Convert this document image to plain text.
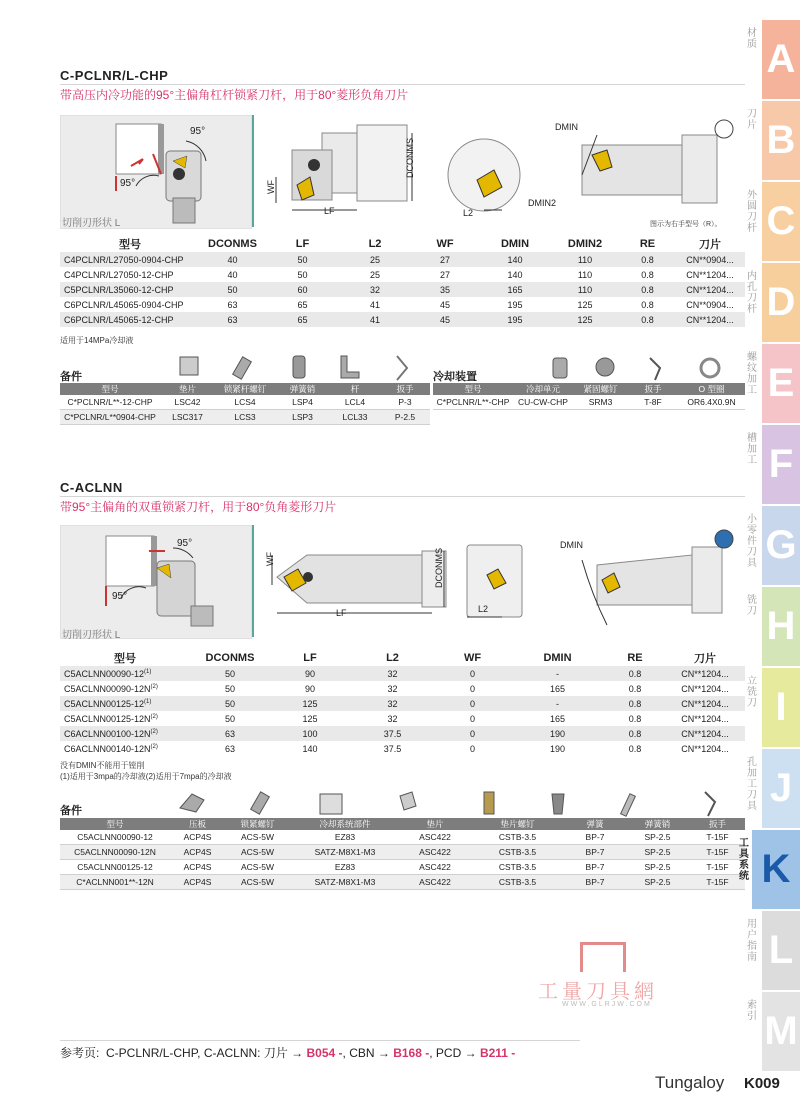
C-PCLNR/L-CHP
带高压内冷功能的95°主偏角杠杆锁紧刀杆，用于80°菱形负角刀片
95°
95°
切削刃形状 L
DCONMS
WF
LF	L2
DMIN
DMIN2
图示为右手型号（R）。
型号	DCONMS	LF	L2	WF	DMIN	DMIN2	RE	刀片
C4PCLNR/L27050-0904-CHP	40	50	25	27	140	110	0.8	CN**0904...
C4PCLNR/L27050-12-CHP	40	50	25	27	140	110	0.8	CN**1204...
C5PCLNR/L35060-12-CHP	50	60	32	35	165	110	0.8	CN**1204...
C6PCLNR/L45065-0904-CHP	63	65	41	45	195	125	0.8	CN**0904...
C6PCLNR/L45065-12-CHP	63	65	41	45	195	125	0.8	CN**1204...
适用于14MPa冷却液
备件
型号	垫片	锁紧杆螺钉	弹簧销	杆	扳手
C*PCLNR/L**-12-CHP	LSC42	LCS4	LSP4	LCL4	P-3
C*PCLNR/L**0904-CHP	LSC317	LCS3	LSP3	LCL33	P-2.5
冷却装置
型号	冷却单元	紧固螺钉	扳手	O 型圈
C*PCLNR/L**-CHP	CU-CW-CHP	SRM3	T-8F	OR6.4X0.9N
C-ACLNN
带95°主偏角的双重锁紧刀杆，用于80°负角菱形刀片
95°
95°
切削刃形状 L
DCONMS
WF
LF	L2
DMIN
型号	DCONMS	LF	L2	WF	DMIN	RE	刀片
C5ACLNN00090-12$^{(1)}$	50	90	32	0	-	0.8	CN**1204...
$C5ACLNN00090-12N^{(2)}$	50	90	32	0	165	0.8	CN**1204...
C5ACLNN00125-12$^{(1)}$	50	125	32	0	-	0.8	CN**1204...
$C5ACLNN00125-12N^{(2)}$	50	125	32	0	165	0.8	CN**1204...
$C6ACLNN00100-12N^{(2)}$	63	100	37.5	0	190	0.8	CN**1204...
$C6ACLNN00140-12N^{(2)}$	63	140	37.5	0	190	0.8	CN**1204...
没有DMIN不能用于镗削
(1)适用于3mpa的冷却液(2)适用于7mpa的冷却液
备件
型号	压板	锁紧螺钉	冷却系统部件	垫片	垫片螺钉	弹簧	弹簧销	扳手
C5ACLNN00090-12	ACP4S	ACS-5W	EZ83	ASC422	CSTB-3.5	BP-7	SP-2.5	T-15F
C5ACLNN00090-12N	ACP4S	ACS-5W	SATZ-M8X1-M3	ASC422	CSTB-3.5	BP-7	SP-2.5	T-15F
C5ACLNN00125-12	ACP4S	ACS-5W	EZ83	ASC422	CSTB-3.5	BP-7	SP-2.5	T-15F
C*ACLNN001**-12N	ACP4S	ACS-5W	SATZ-M8X1-M3	ASC422	CSTB-3.5	BP-7	SP-2.5	T-15F
工量刀具網
WWW.GLRJW.COM
参考页: C-PCLNR/L-CHP, C-ACLNN: 刀片 → B054 -, CBN → B168 -, PCD → B211 -
Tungaloy K009
A
材质
B
刀片
C
外圆刀杆
D
内孔刀杆
E
螺纹加工
F
槽加工
G
小零件刀具
H
铣刀
I
立铣刀
J
孔加工刀具
K
工具系统
L
用户指南
M
索引
